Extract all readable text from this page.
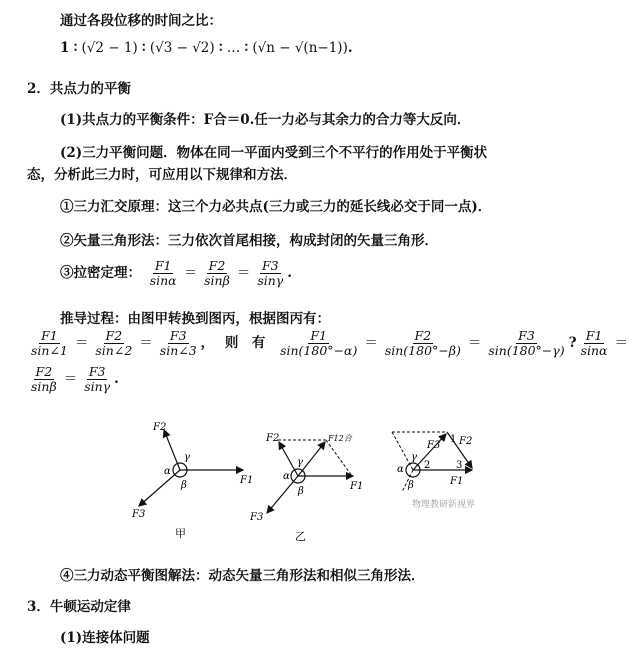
通过各段位移的时间之比：
1 ∶ (√2 − 1) ∶ (√3 − √2) ∶ … ∶ (√n − √(n−1)).
2．共点力的平衡
(1)共点力的平衡条件：F合＝0.任一力必与其余力的合力等大反向．
(2)三力平衡问题．物体在同一平面内受到三个不平行的作用处于平衡状
态，分析此三力时，可应用以下规律和方法．
①三力汇交原理：这三个力必共点(三力或三力的延长线必交于同一点)．
②矢量三角形法：三力依次首尾相接，构成封闭的矢量三角形．
③拉密定理： $\frac{F1}{\sin\alpha} = \frac{F2}{\sin\beta} = \frac{F3}{\sin\gamma}$ .
推导过程：由图甲转换到图丙，根据图丙有：
$\frac{F1}{\sin\angle 1} = \frac{F2}{\sin\angle 2} = \frac{F3}{\sin\angle 3}$ ， 则　有 $\frac{F1}{\sin(180^\circ-\alpha)} = \frac{F2}{\sin(180^\circ-\beta)} = \frac{F3}{\sin(180^\circ-\gamma)}$ ? $\frac{F1}{\sin\alpha}$ ＝
$\frac{F2}{\sin\beta} = \frac{F3}{\sin\gamma}$ .
F1
F2
F3
α
γ
β
甲
F1
F2	F12合
F3
α
γ
β
乙
F3 F2
F1
1
2	3
α
γ
β
物理教研新视界
④三力动态平衡图解法：动态矢量三角形法和相似三角形法．
3．牛顿运动定律
(1)连接体问题
